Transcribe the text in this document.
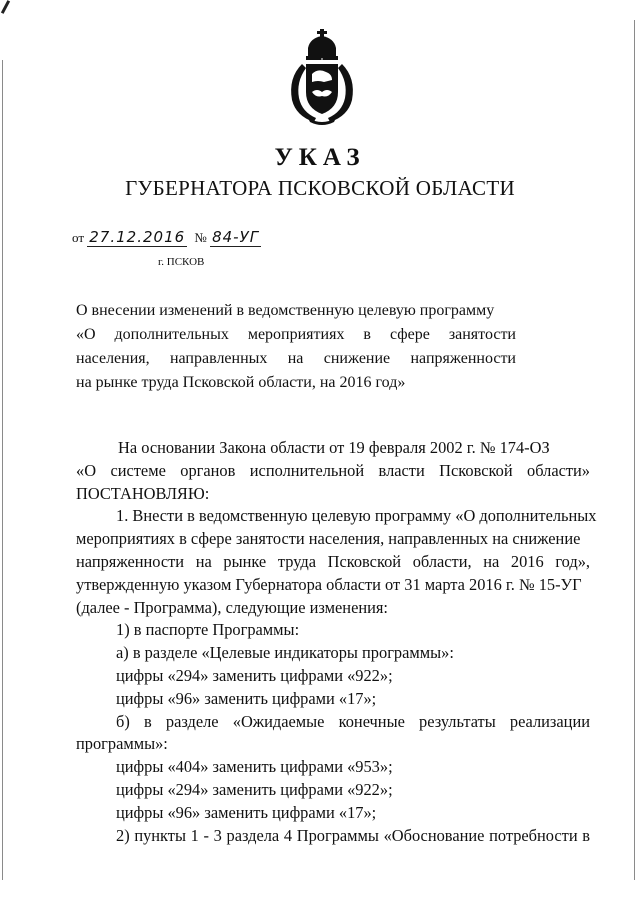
УКАЗ
ГУБЕРНАТОРА ПСКОВСКОЙ ОБЛАСТИ
от 27.12.2016 № 84-УГ
г. ПСКОВ
О внесении изменений в ведомственную целевую программу
«О дополнительных мероприятиях в сфере занятости
населения, направленных на снижение напряженности
на рынке труда Псковской области, на 2016 год»
На основании Закона области от 19 февраля 2002 г. № 174-ОЗ
«О системе органов исполнительной власти Псковской области»
ПОСТАНОВЛЯЮ:
1. Внести в ведомственную целевую программу «О дополнительных
мероприятиях в сфере занятости населения, направленных на снижение
напряженности на рынке труда Псковской области, на 2016 год»,
утвержденную указом Губернатора области от 31 марта 2016 г. № 15-УГ
(далее - Программа), следующие изменения:
1) в паспорте Программы:
а) в разделе «Целевые индикаторы программы»:
цифры «294» заменить цифрами «922»;
цифры «96» заменить цифрами «17»;
б) в разделе «Ожидаемые конечные результаты реализации
программы»:
цифры «404» заменить цифрами «953»;
цифры «294» заменить цифрами «922»;
цифры «96» заменить цифрами «17»;
2) пункты 1 - 3 раздела 4 Программы «Обоснование потребности в
